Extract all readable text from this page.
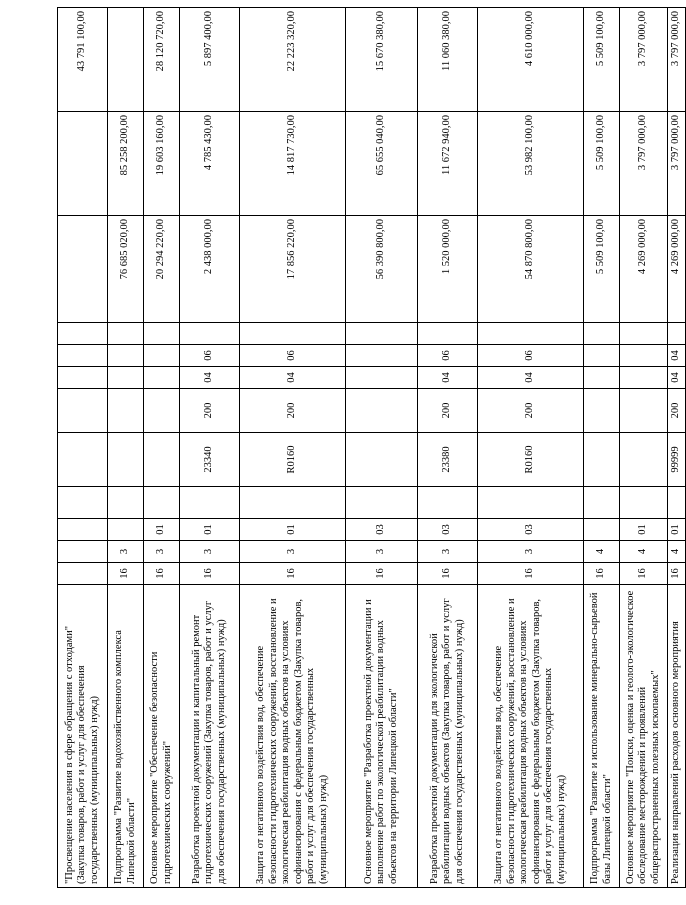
"Просвещение населения в сфере обращения с отходами" (Закупка товаров, работ и услуг для обеспечения государственных (муниципальных) нужд)												43 791 100,00
Подпрограмма "Развитие водохозяйственного комплекса Липецкой области"	16	3								76 685 020,00	85 258 200,00	
Основное мероприятие "Обеспечение безопасности гидротехнических сооружений"	16	3	01							20 294 220,00	19 603 160,00	28 120 720,00
Разработка проектной документации и капитальный ремонт гидротехнических сооружений (Закупка товаров, работ и услуг для обеспечения государственных (муниципальных) нужд)	16	3	01		23340	200	04	06		2 438 000,00	4 785 430,00	5 897 400,00
Защита от негативного воздействия вод, обеспечение безопасности гидротехнических сооружений, восстановление и экологическая реабилитация водных объектов на условиях софинансирования с федеральным бюджетом (Закупка товаров, работ и услуг для обеспечения государственных (муниципальных) нужд)	16	3	01		R0160	200	04	06		17 856 220,00	14 817 730,00	22 223 320,00
Основное мероприятие "Разработка проектной документации и выполнение работ по экологической реабилитации водных объектов на территории Липецкой области"	16	3	03							56 390 800,00	65 655 040,00	15 670 380,00
Разработка проектной документации для экологической реабилитации водных объектов (Закупка товаров, работ и услуг для обеспечения государственных (муниципальных) нужд)	16	3	03		23380	200	04	06		1 520 000,00	11 672 940,00	11 060 380,00
Защита от негативного воздействия вод, обеспечение безопасности гидротехнических сооружений, восстановление и экологическая реабилитация водных объектов на условиях софинансирования с федеральным бюджетом (Закупка товаров, работ и услуг для обеспечения государственных (муниципальных) нужд)	16	3	03		R0160	200	04	06		54 870 800,00	53 982 100,00	4 610 000,00
Подпрограмма "Развитие и использование минерально-сырьевой базы Липецкой области"	16	4								5 509 100,00	5 509 100,00	5 509 100,00
Основное мероприятие "Поиски, оценка и геолого-экологическое обследование месторождений и проявлений общераспространенных полезных ископаемых"	16	4	01							4 269 000,00	3 797 000,00	3 797 000,00
Реализация направлений расходов основного мероприятия	16	4	01		99999	200	04	04		4 269 000,00	3 797 000,00	3 797 000,00
